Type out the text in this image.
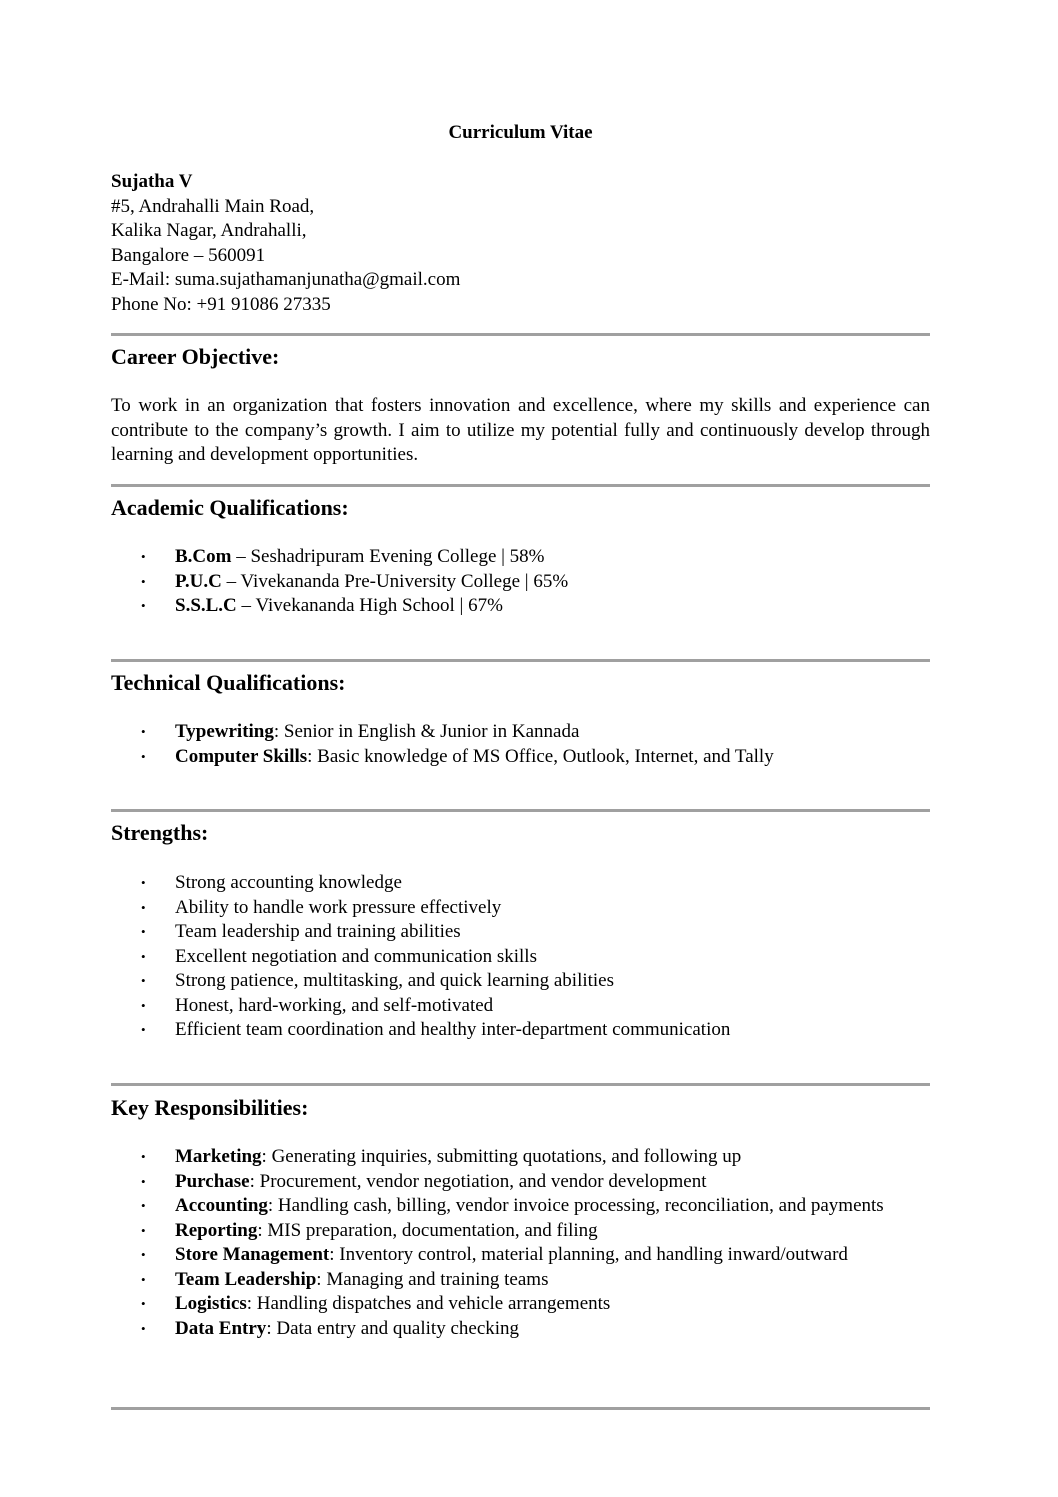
Curriculum Vitae
Sujatha V
#5, Andrahalli Main Road,
Kalika Nagar, Andrahalli,
Bangalore – 560091
E-Mail: suma.sujathamanjunatha@gmail.com
Phone No: +91 91086 27335
Career Objective:
To work in an organization that fosters innovation and excellence, where my skills and experience can contribute to the company’s growth. I aim to utilize my potential fully and continuously develop through learning and development opportunities.
Academic Qualifications:
• B.Com – Seshadripuram Evening College | 58%
• P.U.C – Vivekananda Pre-University College | 65%
• S.S.L.C – Vivekananda High School | 67%
Technical Qualifications:
• Typewriting: Senior in English & Junior in Kannada
• Computer Skills: Basic knowledge of MS Office, Outlook, Internet, and Tally
Strengths:
• Strong accounting knowledge
• Ability to handle work pressure effectively
• Team leadership and training abilities
• Excellent negotiation and communication skills
• Strong patience, multitasking, and quick learning abilities
• Honest, hard-working, and self-motivated
• Efficient team coordination and healthy inter-department communication
Key Responsibilities:
• Marketing: Generating inquiries, submitting quotations, and following up
• Purchase: Procurement, vendor negotiation, and vendor development
• Accounting: Handling cash, billing, vendor invoice processing, reconciliation, and payments
• Reporting: MIS preparation, documentation, and filing
• Store Management: Inventory control, material planning, and handling inward/outward
• Team Leadership: Managing and training teams
• Logistics: Handling dispatches and vehicle arrangements
• Data Entry: Data entry and quality checking
